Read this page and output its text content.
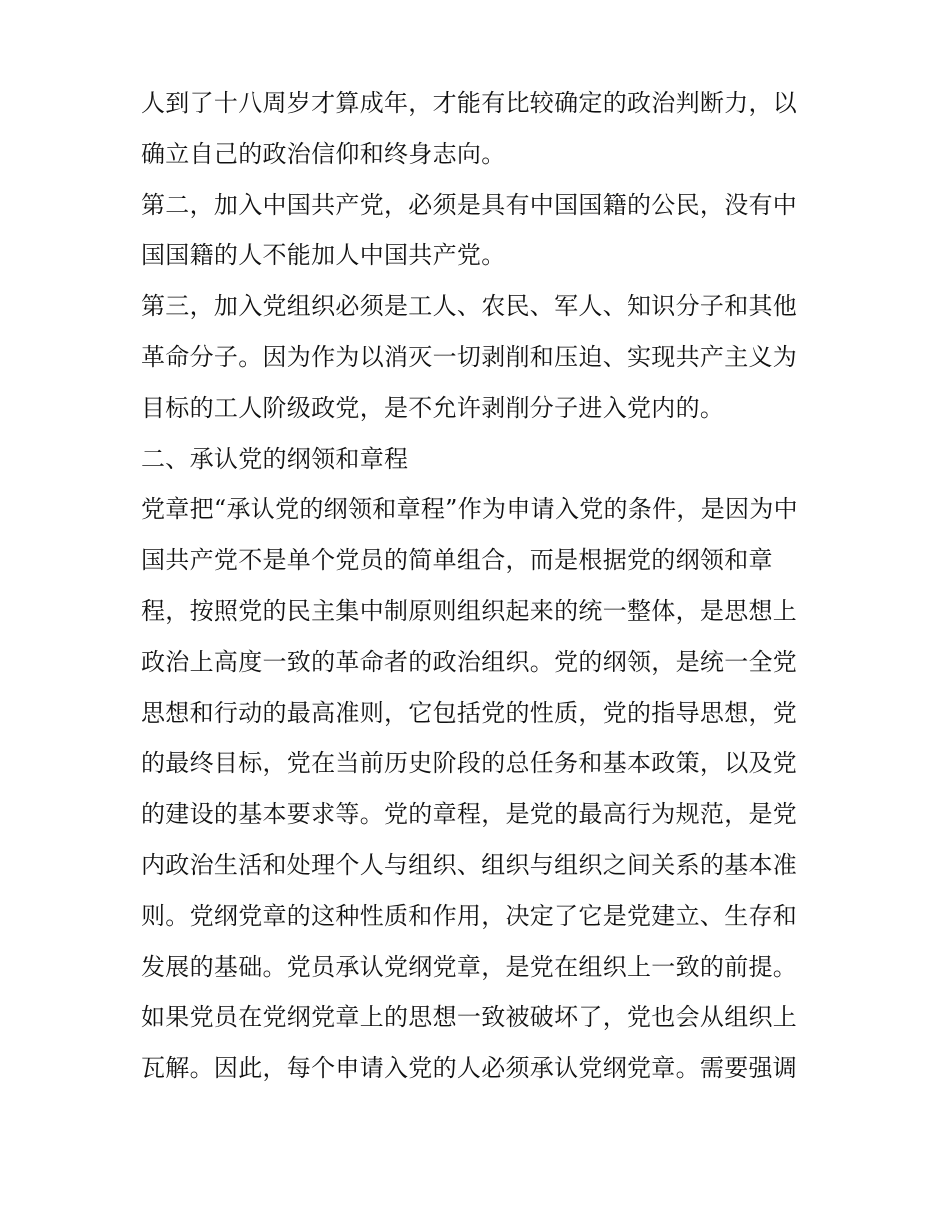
人到了十八周岁才算成年，才能有比较确定的政治判断力，以
确立自己的政治信仰和终身志向。
第二，加入中国共产党，必须是具有中国国籍的公民，没有中
国国籍的人不能加人中国共产党。
第三，加入党组织必须是工人、农民、军人、知识分子和其他
革命分子。因为作为以消灭一切剥削和压迫、实现共产主义为
目标的工人阶级政党，是不允许剥削分子进入党内的。
二、承认党的纲领和章程
党章把“承认党的纲领和章程”作为申请入党的条件，是因为中
国共产党不是单个党员的简单组合，而是根据党的纲领和章
程，按照党的民主集中制原则组织起来的统一整体，是思想上
政治上高度一致的革命者的政治组织。党的纲领，是统一全党
思想和行动的最高准则，它包括党的性质，党的指导思想，党
的最终目标，党在当前历史阶段的总任务和基本政策，以及党
的建设的基本要求等。党的章程，是党的最高行为规范，是党
内政治生活和处理个人与组织、组织与组织之间关系的基本准
则。党纲党章的这种性质和作用，决定了它是党建立、生存和
发展的基础。党员承认党纲党章，是党在组织上一致的前提。
如果党员在党纲党章上的思想一致被破坏了，党也会从组织上
瓦解。因此，每个申请入党的人必须承认党纲党章。需要强调
